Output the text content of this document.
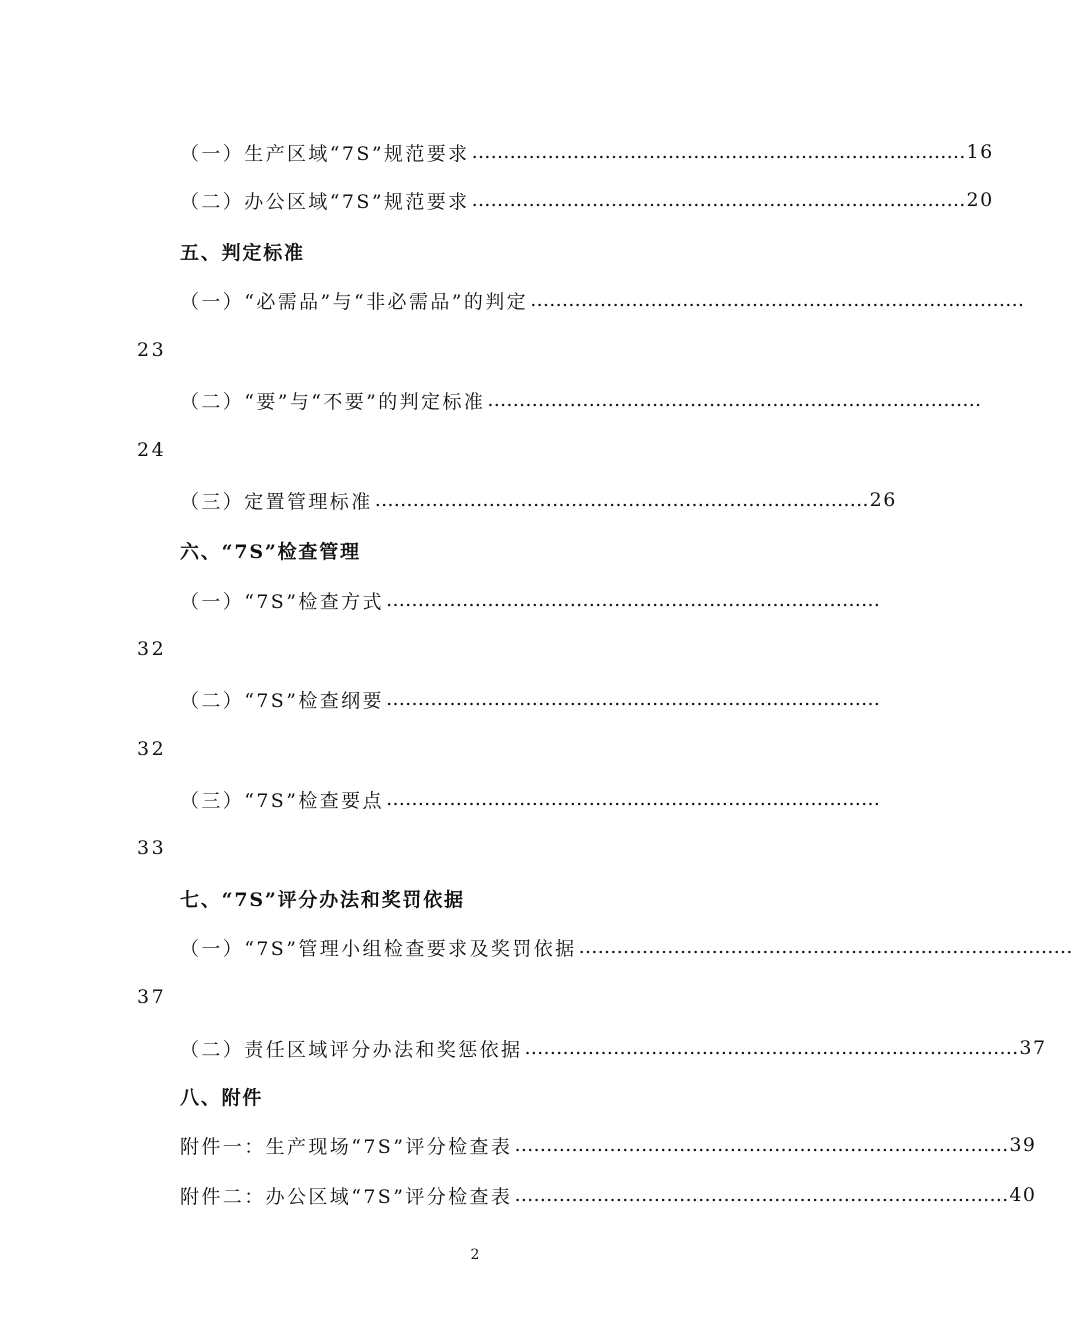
（一）生产区域“7S”规范要求 …………………………………………………………………… 16
（二）办公区域“7S”规范要求 …………………………………………………………………… 20
五、判定标准
（一）“必需品”与“非必需品”的判定 ……………………………………………………………………
23
（二）“要”与“不要”的判定标准 ……………………………………………………………………
24
（三）定置管理标准 …………………………………………………………………… 26
六、“7S”检查管理
（一）“7S”检查方式 ……………………………………………………………………
32
（二）“7S”检查纲要 ……………………………………………………………………
32
（三）“7S”检查要点 ……………………………………………………………………
33
七、“7S”评分办法和奖罚依据
（一）“7S”管理小组检查要求及奖罚依据 ……………………………………………………………………
37
（二）责任区域评分办法和奖惩依据 …………………………………………………………………… 37
八、附件
附件一：生产现场“7S”评分检查表 …………………………………………………………………… 39
附件二：办公区域“7S”评分检查表 …………………………………………………………………… 40
2
